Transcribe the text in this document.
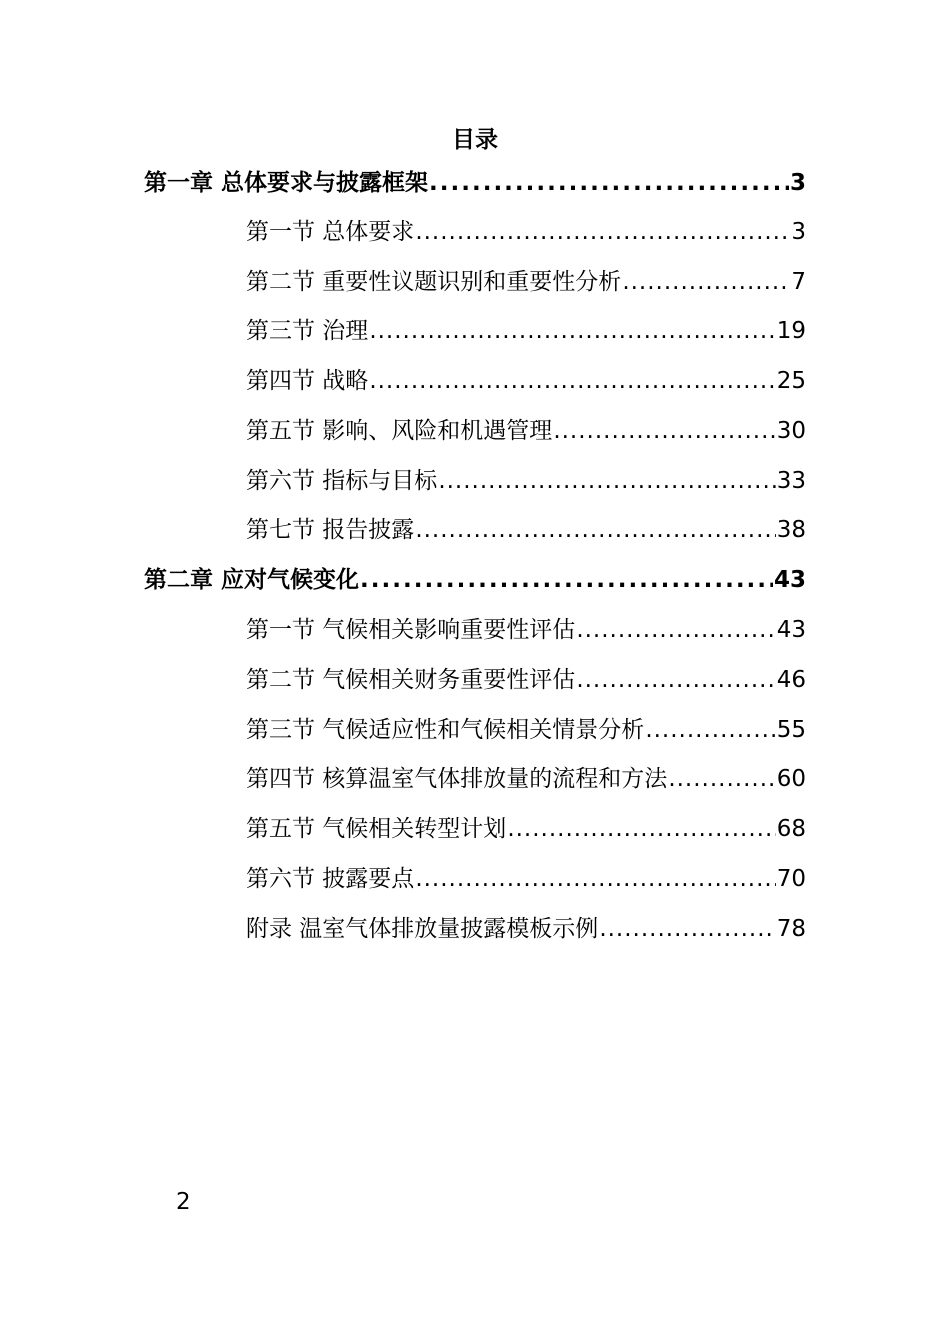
目录
第一章 总体要求与披露框架 .....	3
第一节 总体要求 .....	3
第二节 重要性议题识别和重要性分析 .....	7
第三节 治理 .....	19
第四节 战略 .....	25
第五节 影响、风险和机遇管理 .....	30
第六节 指标与目标 .....	33
第七节 报告披露 .....	38
第二章 应对气候变化 .....	43
第一节 气候相关影响重要性评估 .....	43
第二节 气候相关财务重要性评估 .....	46
第三节 气候适应性和气候相关情景分析 .....	55
第四节 核算温室气体排放量的流程和方法 .....	60
第五节 气候相关转型计划 .....	68
第六节 披露要点 .....	70
附录 温室气体排放量披露模板示例 .....	78
2
